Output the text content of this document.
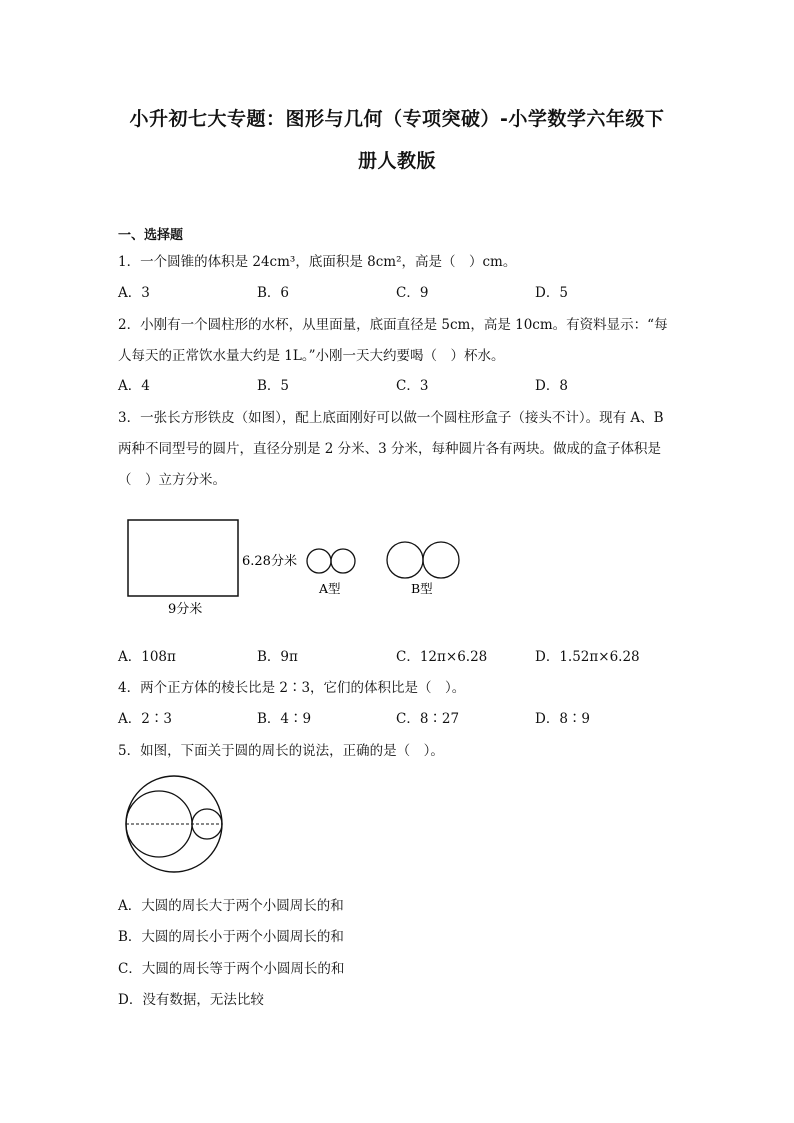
小升初七大专题：图形与几何（专项突破）-小学数学六年级下
册人教版
一、选择题
1．一个圆锥的体积是 24cm³，底面积是 8cm²，高是（　）cm。
A．3	B．6	C．9	D．5
2．小刚有一个圆柱形的水杯，从里面量，底面直径是 5cm，高是 10cm。有资料显示：“每
人每天的正常饮水量大约是 1L。”小刚一天大约要喝（　）杯水。
A．4	B．5	C．3	D．8
3．一张长方形铁皮（如图），配上底面刚好可以做一个圆柱形盒子（接头不计）。现有 A、B
两种不同型号的圆片，直径分别是 2 分米、3 分米，每种圆片各有两块。做成的盒子体积是
（　）立方分米。
6.28分米
9分米
A型	B型
A．108π	B．9π	C．12π×6.28	D．1.52π×6.28
4．两个正方体的棱长比是 2∶3，它们的体积比是（　）。
A．2∶3	B．4∶9	C．8∶27	D．8∶9
5．如图，下面关于圆的周长的说法，正确的是（　）。
A．大圆的周长大于两个小圆周长的和
B．大圆的周长小于两个小圆周长的和
C．大圆的周长等于两个小圆周长的和
D．没有数据，无法比较
